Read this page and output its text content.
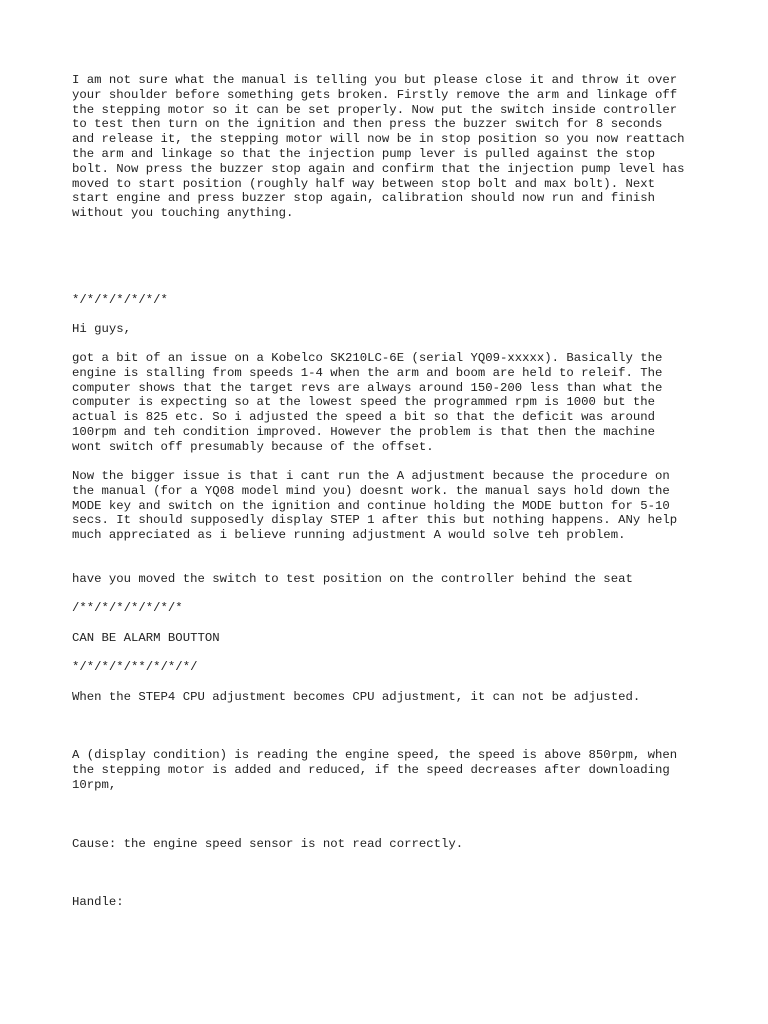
I am not sure what the manual is telling you but please close it and throw it over
your shoulder before something gets broken. Firstly remove the arm and linkage off
the stepping motor so it can be set properly. Now put the switch inside controller
to test then turn on the ignition and then press the buzzer switch for 8 seconds
and release it, the stepping motor will now be in stop position so you now reattach
the arm and linkage so that the injection pump lever is pulled against the stop
bolt. Now press the buzzer stop again and confirm that the injection pump level has
moved to start position (roughly half way between stop bolt and max bolt). Next
start engine and press buzzer stop again, calibration should now run and finish
without you touching anything.

*/*/*/*/*/*/*

Hi guys,

got a bit of an issue on a Kobelco SK210LC-6E (serial YQ09-xxxxx). Basically the
engine is stalling from speeds 1-4 when the arm and boom are held to releif. The
computer shows that the target revs are always around 150-200 less than what the
computer is expecting so at the lowest speed the programmed rpm is 1000 but the
actual is 825 etc. So i adjusted the speed a bit so that the deficit was around
100rpm and teh condition improved. However the problem is that then the machine
wont switch off presumably because of the offset.

Now the bigger issue is that i cant run the A adjustment because the procedure on
the manual (for a YQ08 model mind you) doesnt work. the manual says hold down the
MODE key and switch on the ignition and continue holding the MODE button for 5-10
secs. It should supposedly display STEP 1 after this but nothing happens. ANy help
much appreciated as i believe running adjustment A would solve teh problem.

have you moved the switch to test position on the controller behind the seat

/**/*/*/*/*/*/*

CAN BE ALARM BOUTTON

*/*/*/*/**/*/*/*/

When the STEP4 CPU adjustment becomes CPU adjustment, it can not be adjusted.

A (display condition) is reading the engine speed, the speed is above 850rpm, when
the stepping motor is added and reduced, if the speed decreases after downloading
10rpm,

Cause: the engine speed sensor is not read correctly.

Handle:
